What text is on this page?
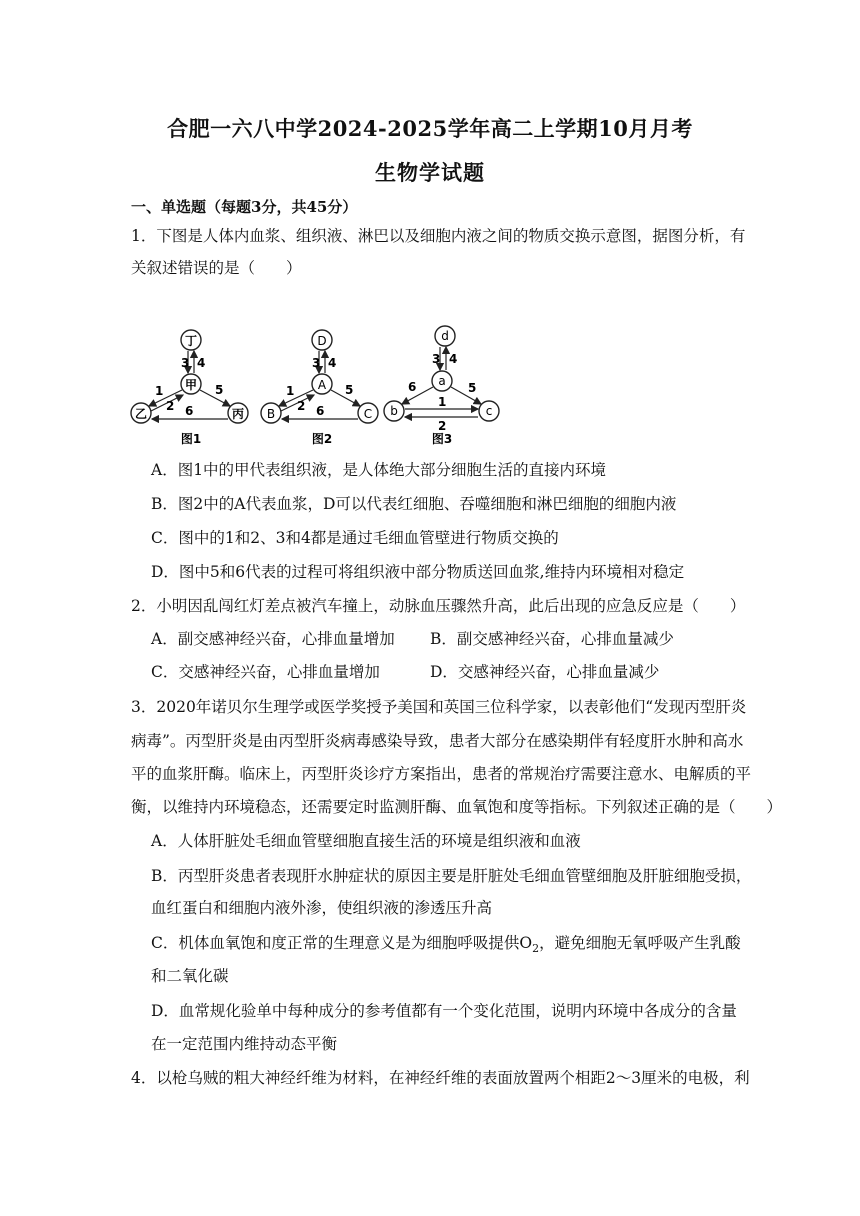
合肥一六八中学2024-2025学年高二上学期10月月考
生物学试题
一、单选题（每题3分，共45分）
1．下图是人体内血浆、组织液、淋巴以及细胞内液之间的物质交换示意图，据图分析，有
关叙述错误的是（　　）
丁
甲
乙	丙
3 4
1
2
5
6
图1
D
A
B	C
3 4
1
2
5
6
图2
d
a
b	c
3 4
6	5
1
2
图3
A．图1中的甲代表组织液，是人体绝大部分细胞生活的直接内环境
B．图2中的A代表血浆，D可以代表红细胞、吞噬细胞和淋巴细胞的细胞内液
C．图中的1和2、3和4都是通过毛细血管壁进行物质交换的
D．图中5和6代表的过程可将组织液中部分物质送回血浆,维持内环境相对稳定
2．小明因乱闯红灯差点被汽车撞上，动脉血压骤然升高，此后出现的应急反应是（　　）
A．副交感神经兴奋，心排血量增加	B．副交感神经兴奋，心排血量减少
C．交感神经兴奋，心排血量增加	D．交感神经兴奋，心排血量减少
3．2020年诺贝尔生理学或医学奖授予美国和英国三位科学家，以表彰他们“发现丙型肝炎
病毒”。丙型肝炎是由丙型肝炎病毒感染导致，患者大部分在感染期伴有轻度肝水肿和高水
平的血浆肝酶。临床上，丙型肝炎诊疗方案指出，患者的常规治疗需要注意水、电解质的平
衡，以维持内环境稳态，还需要定时监测肝酶、血氧饱和度等指标。下列叙述正确的是（　　）
A．人体肝脏处毛细血管壁细胞直接生活的环境是组织液和血液
B．丙型肝炎患者表现肝水肿症状的原因主要是肝脏处毛细血管壁细胞及肝脏细胞受损，
血红蛋白和细胞内液外渗，使组织液的渗透压升高
C．机体血氧饱和度正常的生理意义是为细胞呼吸提供$O_2$，避免细胞无氧呼吸产生乳酸
和二氧化碳
D．血常规化验单中每种成分的参考值都有一个变化范围，说明内环境中各成分的含量
在一定范围内维持动态平衡
4．以枪乌贼的粗大神经纤维为材料，在神经纤维的表面放置两个相距2～3厘米的电极，利
